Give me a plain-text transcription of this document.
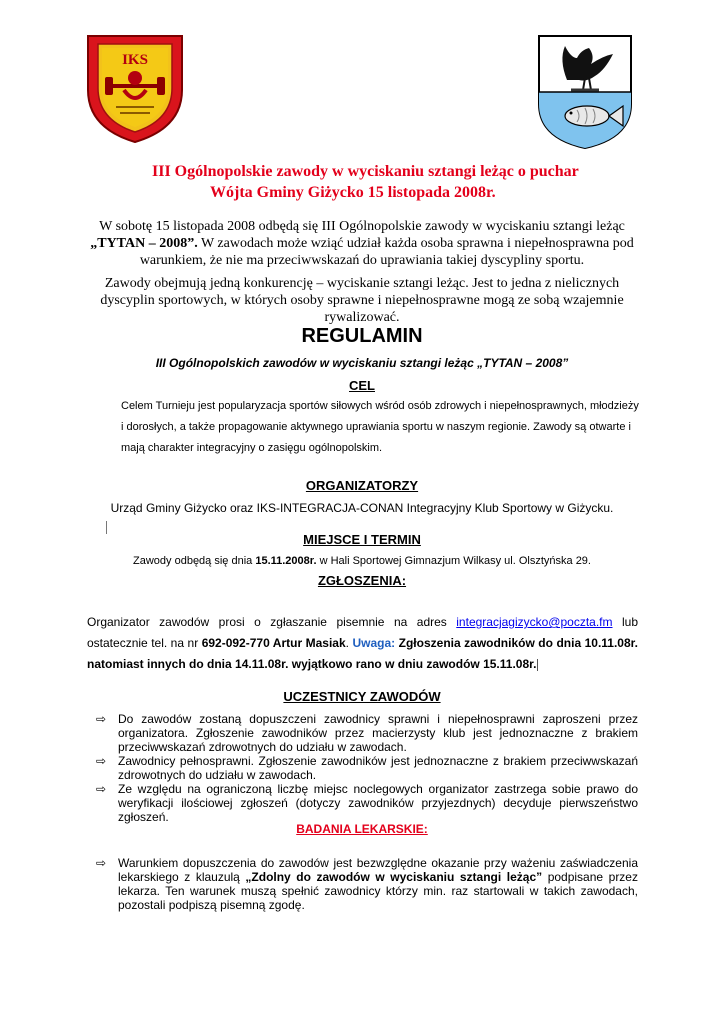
IKS
III Ogólnopolskie zawody w wyciskaniu sztangi leżąc o puchar
Wójta Gminy Giżycko 15 listopada 2008r.
W sobotę 15 listopada 2008 odbędą się III Ogólnopolskie zawody w wyciskaniu sztangi leżąc
„TYTAN – 2008”. W zawodach może wziąć udział każda osoba sprawna i niepełnosprawna pod warunkiem, że nie ma przeciwwskazań do uprawiania takiej dyscypliny sportu.
Zawody obejmują jedną konkurencję – wyciskanie sztangi leżąc. Jest to jedna z nielicznych dyscyplin sportowych, w których osoby sprawne i niepełnosprawne mogą ze sobą wzajemnie rywalizować.
REGULAMIN
III Ogólnopolskich zawodów w wyciskaniu sztangi leżąc „TYTAN – 2008”
CEL
Celem Turnieju jest popularyzacja sportów siłowych wśród osób zdrowych i niepełnosprawnych, młodzieży i dorosłych, a także propagowanie aktywnego uprawiania sportu w naszym regionie. Zawody są otwarte i mają charakter integracyjny o zasięgu ogólnopolskim.
ORGANIZATORZY
Urząd Gminy Giżycko oraz IKS-INTEGRACJA-CONAN Integracyjny Klub Sportowy w Giżycku.
MIEJSCE I TERMIN
Zawody odbędą się dnia 15.11.2008r. w Hali Sportowej Gimnazjum Wilkasy ul. Olsztyńska 29.
ZGŁOSZENIA:
Organizator zawodów prosi o zgłaszanie pisemnie na adres integracjagizycko@poczta.fm lub ostatecznie tel. na nr 692-092-770 Artur Masiak. Uwaga: Zgłoszenia zawodników do dnia 10.11.08r. natomiast innych do dnia 14.11.08r. wyjątkowo rano w dniu zawodów 15.11.08r.
UCZESTNICY ZAWODÓW
⇨ Do zawodów zostaną dopuszczeni zawodnicy sprawni i niepełnosprawni zaproszeni przez organizatora. Zgłoszenie zawodników przez macierzysty klub jest jednoznaczne z brakiem przeciwwskazań zdrowotnych do udziału w zawodach.
⇨ Zawodnicy pełnosprawni. Zgłoszenie zawodników jest jednoznaczne z brakiem przeciwwskazań zdrowotnych do udziału w zawodach.
⇨ Ze względu na ograniczoną liczbę miejsc noclegowych organizator zastrzega sobie prawo do weryfikacji ilościowej zgłoszeń (dotyczy zawodników przyjezdnych) decyduje pierwszeństwo zgłoszeń.
BADANIA LEKARSKIE:
⇨ Warunkiem dopuszczenia do zawodów jest bezwzględne okazanie przy ważeniu zaświadczenia lekarskiego z klauzulą „Zdolny do zawodów w wyciskaniu sztangi leżąc” podpisane przez lekarza. Ten warunek muszą spełnić zawodnicy którzy min. raz startowali w takich zawodach, pozostali podpiszą pisemną zgodę.
